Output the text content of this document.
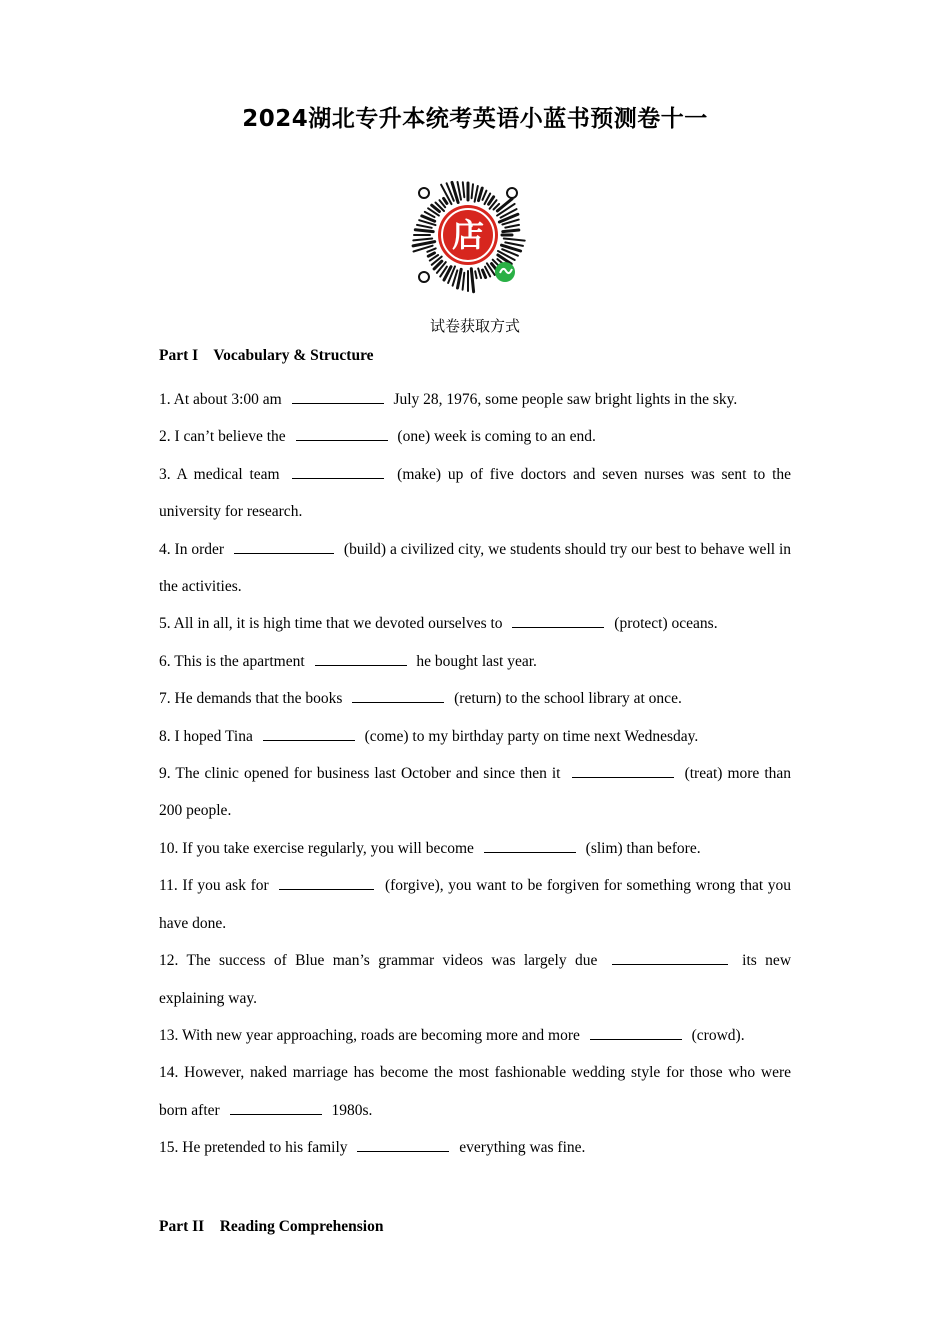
2024湖北专升本统考英语小蓝书预测卷十一
店
试卷获取方式
Part I    Vocabulary & Structure

1. At about 3:00 am	July 28, 1976, some people saw bright lights in the sky.

2. I can’t believe the	(one) week is coming to an end.

3. A medical team	(make) up of five doctors and seven nurses was sent to the university for research.

4. In order	(build) a civilized city, we students should try our best to behave well in the activities.

5. All in all, it is high time that we devoted ourselves to	(protect) oceans.

6. This is the apartment	he bought last year.

7. He demands that the books	(return) to the school library at once.

8. I hoped Tina	(come) to my birthday party on time next Wednesday.

9. The clinic opened for business last October and since then it	(treat) more than 200 people.

10. If you take exercise regularly, you will become	(slim) than before.

11. If you ask for	(forgive), you want to be forgiven for something wrong that you have done.

12. The success of Blue man’s grammar videos was largely due	its new explaining way.

13. With new year approaching, roads are becoming more and more	(crowd).

14. However, naked marriage has become the most fashionable wedding style for those who were born after	1980s.

15. He pretended to his family	everything was fine.

Part II    Reading Comprehension
